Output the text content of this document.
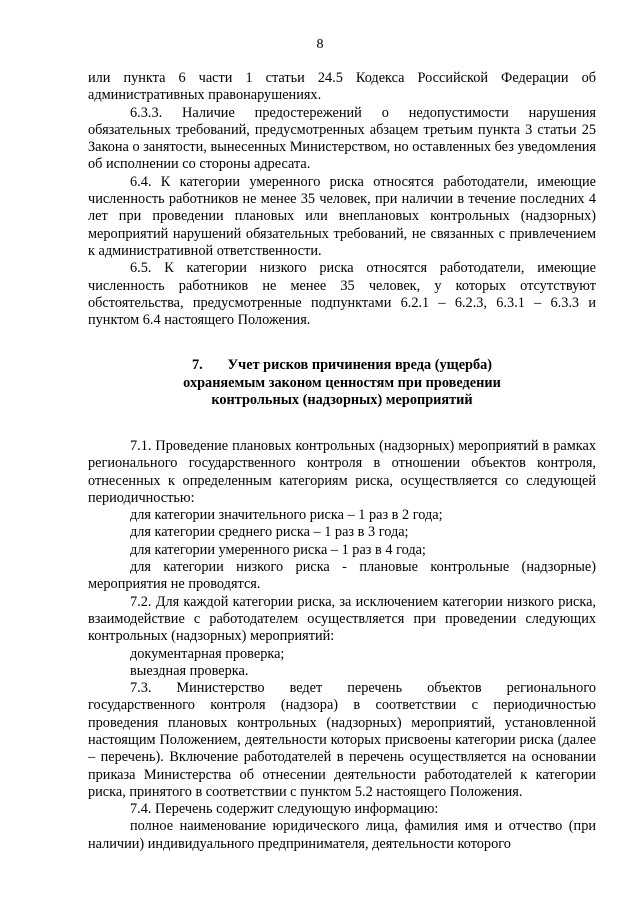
8

или пункта 6 части 1 статьи 24.5 Кодекса Российской Федерации об административных правонарушениях.

6.3.3. Наличие предостережений о недопустимости нарушения обязательных требований, предусмотренных абзацем третьим пункта 3 статьи 25 Закона о занятости, вынесенных Министерством, но оставленных без уведомления об исполнении со стороны адресата.

6.4. К категории умеренного риска относятся работодатели, имеющие численность работников не менее 35 человек, при наличии в течение последних 4 лет при проведении плановых или внеплановых контрольных (надзорных) мероприятий нарушений обязательных требований, не связанных с привлечением к административной ответственности.

6.5. К категории низкого риска относятся работодатели, имеющие численность работников не менее 35 человек, у которых отсутствуют обстоятельства, предусмотренные подпунктами 6.2.1 – 6.2.3, 6.3.1 – 6.3.3 и пунктом 6.4 настоящего Положения.

7.       Учет рисков причинения вреда (ущерба)
охраняемым законом ценностям при проведении
контрольных (надзорных) мероприятий

7.1. Проведение плановых контрольных (надзорных) мероприятий в рамках регионального государственного контроля в отношении объектов контроля, отнесенных к определенным категориям риска, осуществляется со следующей периодичностью:

для категории значительного риска – 1 раз в 2 года;

для категории среднего риска – 1 раз в 3 года;

для категории умеренного риска – 1 раз в 4 года;

для категории низкого риска - плановые контрольные (надзорные) мероприятия не проводятся.

7.2. Для каждой категории риска, за исключением категории низкого риска, взаимодействие с работодателем осуществляется при проведении следующих контрольных (надзорных) мероприятий:

документарная проверка;

выездная проверка.

7.3. Министерство ведет перечень объектов регионального государственного контроля (надзора) в соответствии с периодичностью проведения плановых контрольных (надзорных) мероприятий, установленной настоящим Положением, деятельности которых присвоены категории риска (далее – перечень). Включение работодателей в перечень осуществляется на основании приказа Министерства об отнесении деятельности работодателей к категории риска, принятого в соответствии с пунктом 5.2 настоящего Положения.

7.4. Перечень содержит следующую информацию:

полное наименование юридического лица, фамилия имя и отчество (при наличии) индивидуального предпринимателя, деятельности которого
